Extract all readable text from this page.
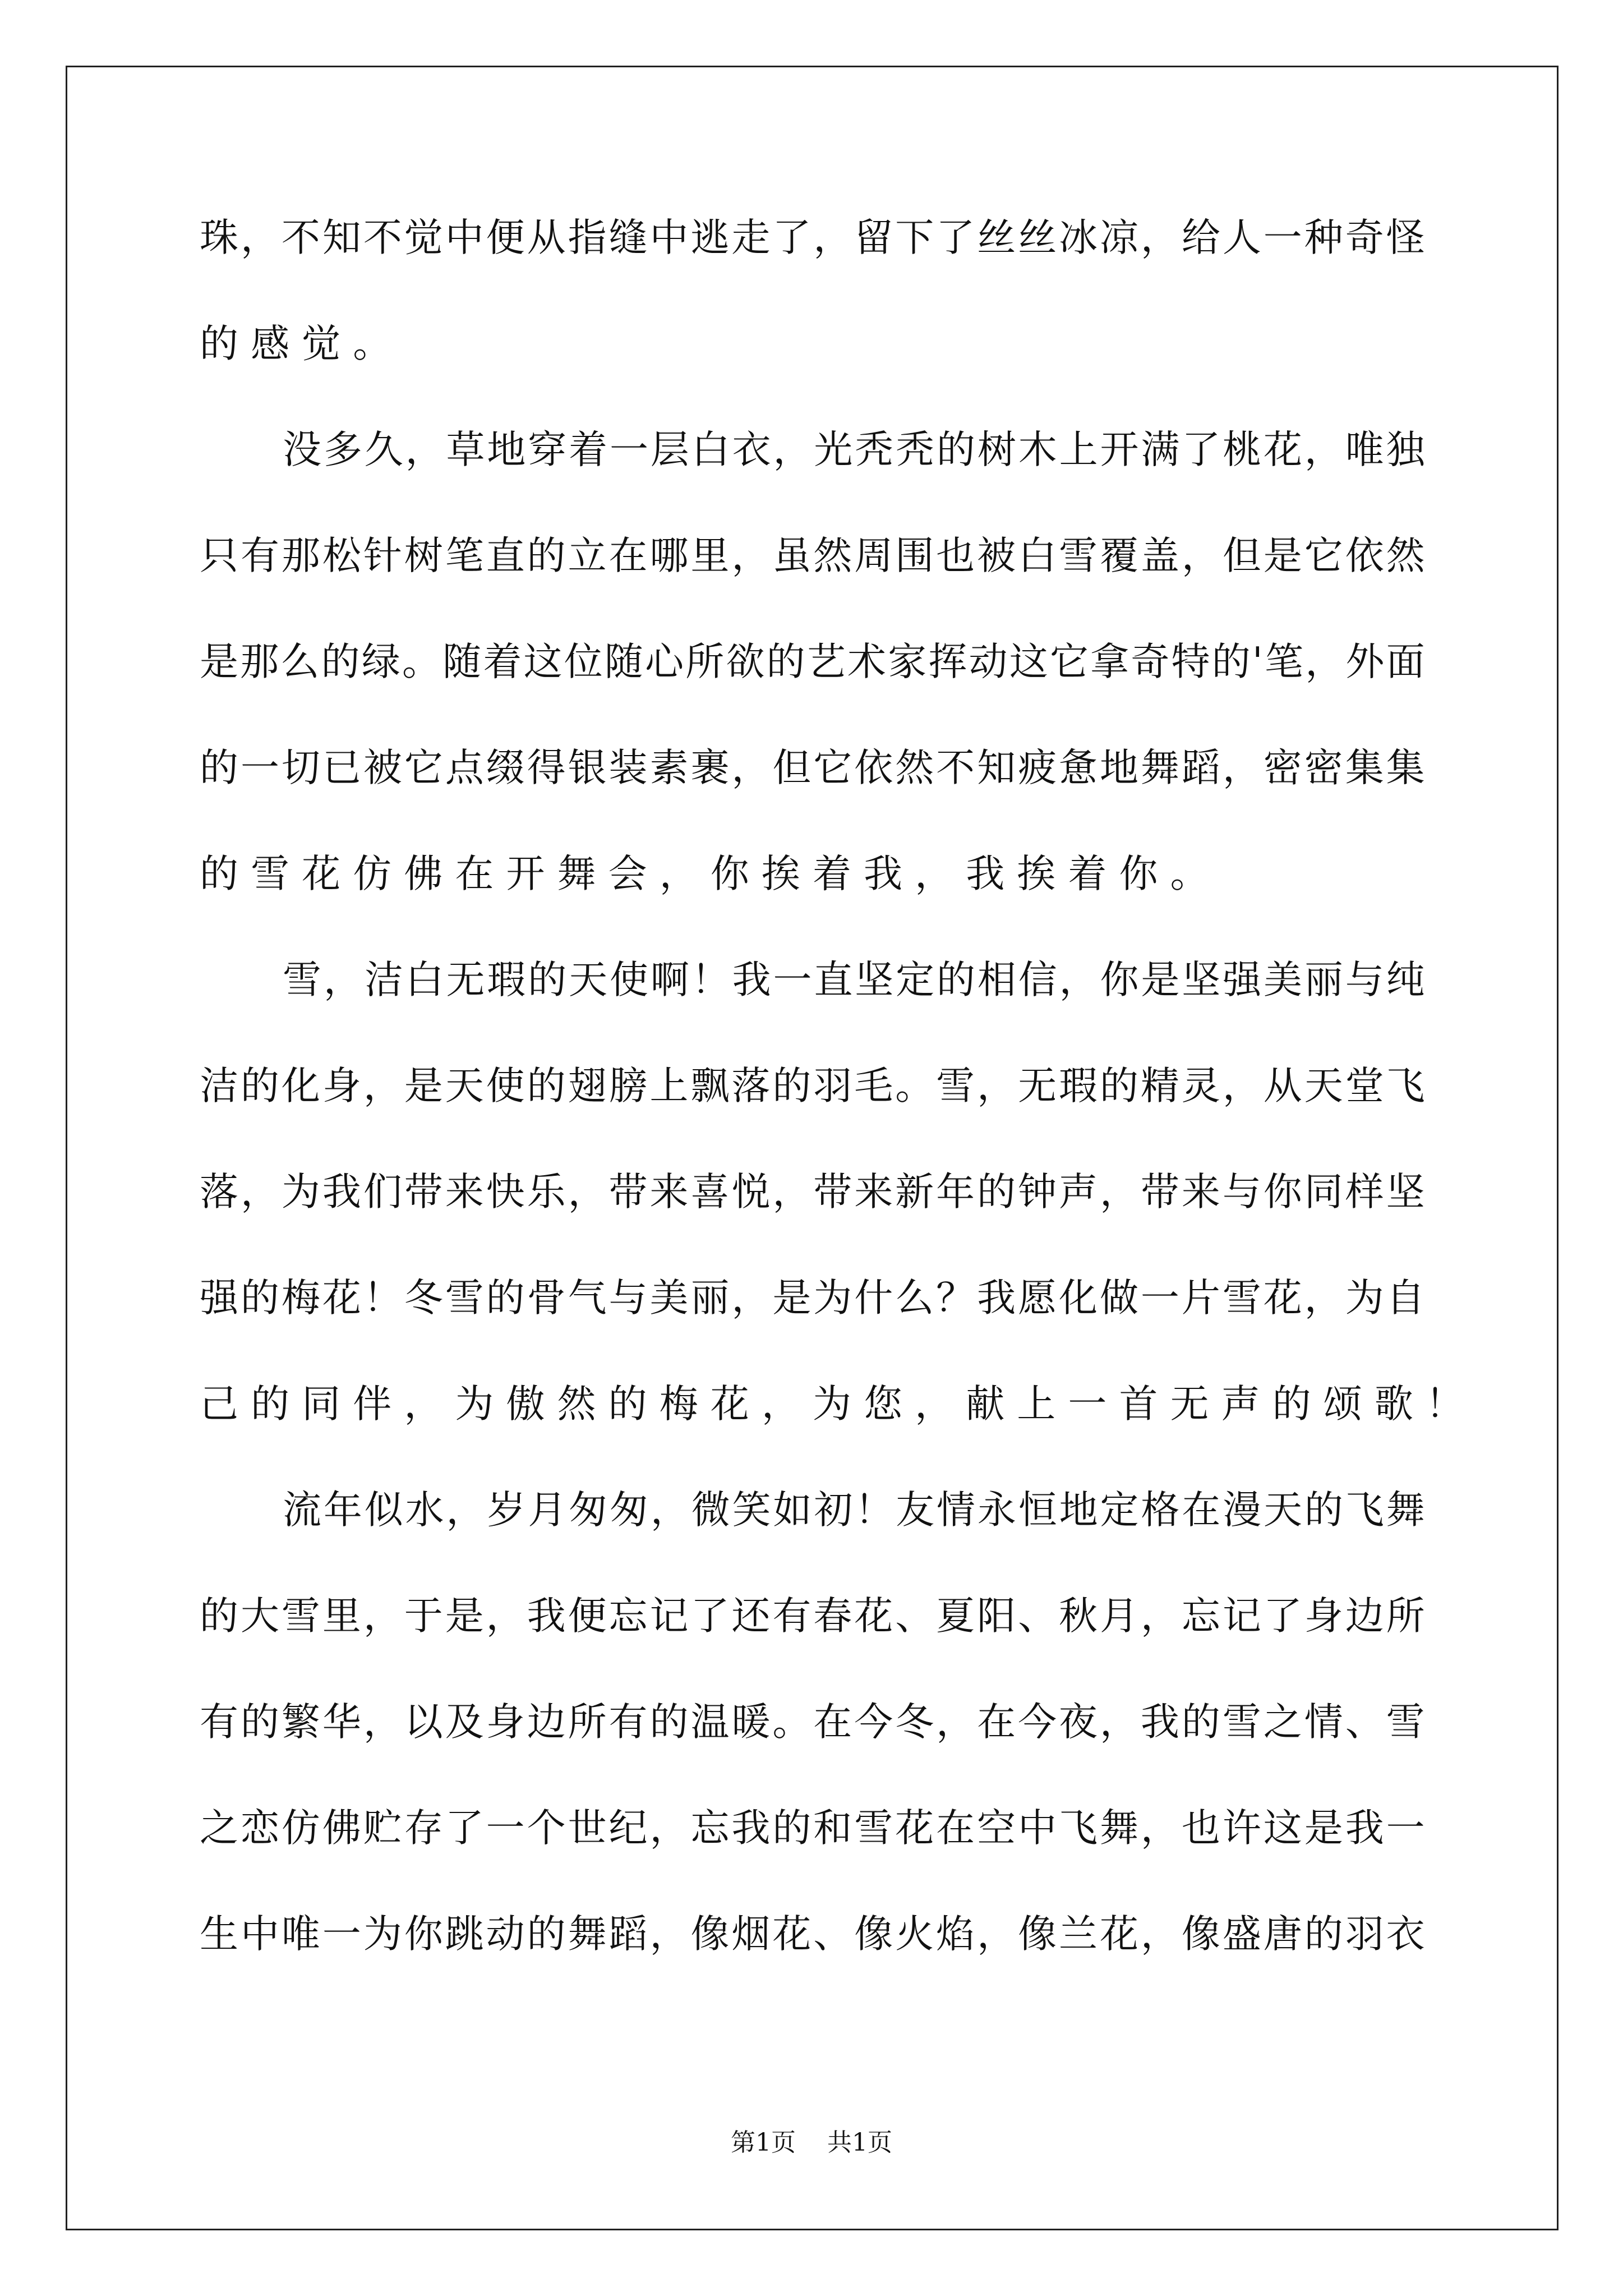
珠 ， 不 知 不 觉 中 便 从 指 缝 中 逃 走 了 ， 留 下 了 丝 丝 冰 凉 ， 给 人 一 种 奇 怪
的感觉。
没 多 久 ， 草 地 穿 着 一 层 白 衣 ， 光 秃 秃 的 树 木 上 开 满 了 桃 花 ， 唯 独
只 有 那 松 针 树 笔 直 的 立 在 哪 里 ， 虽 然 周 围 也 被 白 雪 覆 盖 ， 但 是 它 依 然
是 那 么 的 绿 。 随 着 这 位 随 心 所 欲 的 艺 术 家 挥 动 这 它 拿 奇 特 的 ' 笔 ， 外 面
的 一 切 已 被 它 点 缀 得 银 装 素 裹 ， 但 它 依 然 不 知 疲 惫 地 舞 蹈 ， 密 密 集 集
的雪花仿佛在开舞会，你挨着我，我挨着你。
雪 ， 洁 白 无 瑕 的 天 使 啊 ！ 我 一 直 坚 定 的 相 信 ， 你 是 坚 强 美 丽 与 纯
洁 的 化 身 ， 是 天 使 的 翅 膀 上 飘 落 的 羽 毛 。 雪 ， 无 瑕 的 精 灵 ， 从 天 堂 飞
落 ， 为 我 们 带 来 快 乐 ， 带 来 喜 悦 ， 带 来 新 年 的 钟 声 ， 带 来 与 你 同 样 坚
强 的 梅 花 ！ 冬 雪 的 骨 气 与 美 丽 ， 是 为 什 么 ？ 我 愿 化 做 一 片 雪 花 ， 为 自
己的同伴，为傲然的梅花，为您，献上一首无声的颂歌！
流 年 似 水 ， 岁 月 匆 匆 ， 微 笑 如 初 ！ 友 情 永 恒 地 定 格 在 漫 天 的 飞 舞
的 大 雪 里 ， 于 是 ， 我 便 忘 记 了 还 有 春 花 、 夏 阳 、 秋 月 ， 忘 记 了 身 边 所
有 的 繁 华 ， 以 及 身 边 所 有 的 温 暖 。 在 今 冬 ， 在 今 夜 ， 我 的 雪 之 情 、 雪
之 恋 仿 佛 贮 存 了 一 个 世 纪 ， 忘 我 的 和 雪 花 在 空 中 飞 舞 ， 也 许 这 是 我 一
生 中 唯 一 为 你 跳 动 的 舞 蹈 ， 像 烟 花 、 像 火 焰 ， 像 兰 花 ， 像 盛 唐 的 羽 衣
第1页 共1页
